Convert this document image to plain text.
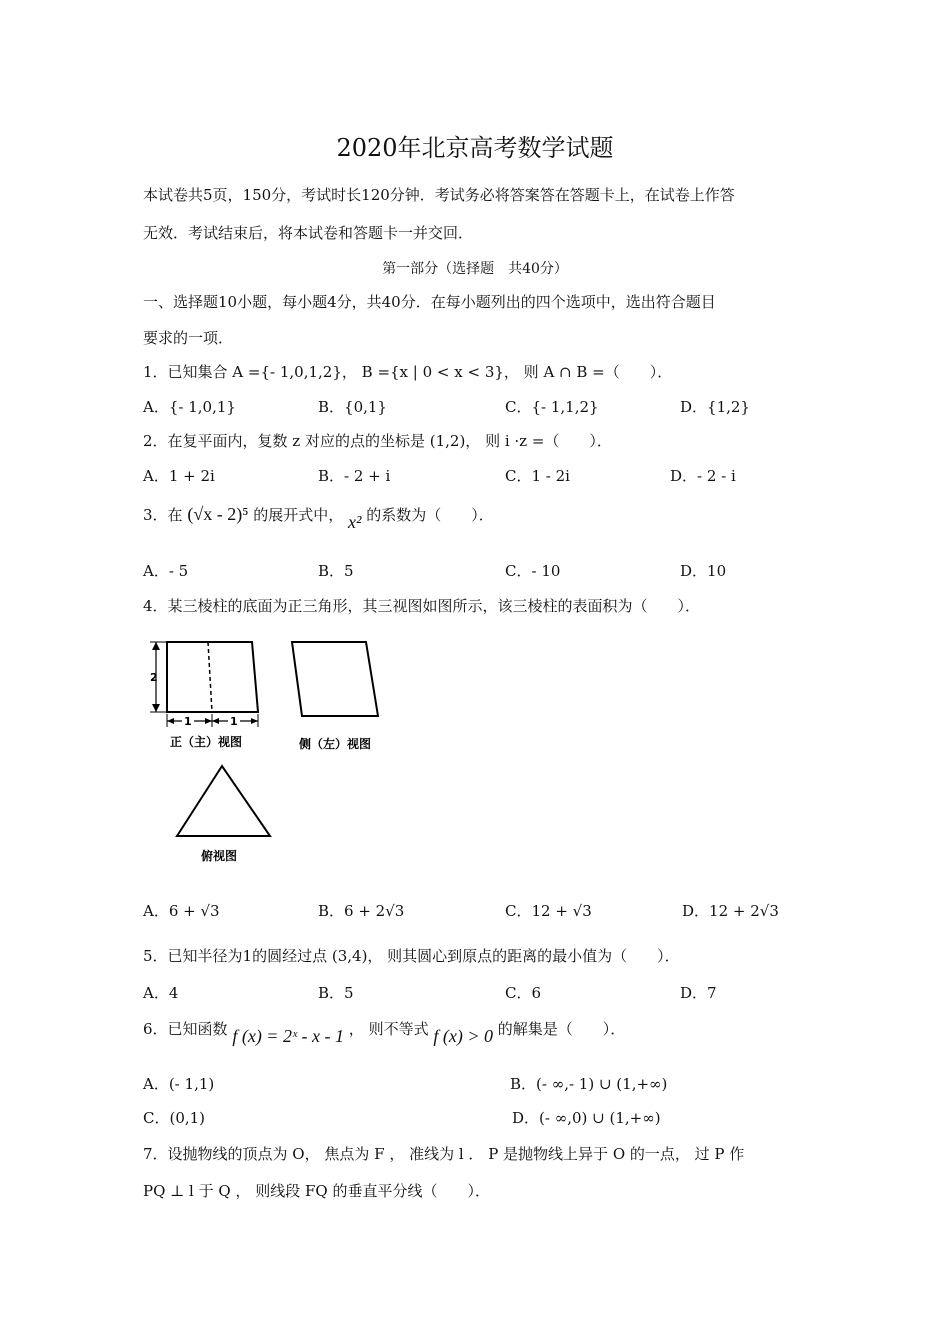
2020年北京高考数学试题
本试卷共5页，150分，考试时长120分钟．考试务必将答案答在答题卡上，在试卷上作答
无效．考试结束后，将本试卷和答题卡一并交回．
第一部分（选择题　共40分）
一、选择题10小题，每小题4分，共40分．在每小题列出的四个选项中，选出符合题目
要求的一项．
1．已知集合 A ={- 1,0,1,2}， B ={x | 0 < x < 3}， 则 A ∩ B =（　　）．
A．{- 1,0,1}	B．{0,1}	C．{- 1,1,2}	D．{1,2}
2．在复平面内，复数 z 对应的点的坐标是 (1,2)， 则 i ·z =（　　）．
A．1 + 2i	B．- 2 + i	C．1 - 2i	D．- 2 - i
3．在 (√x - 2)⁵ 的展开式中， x² 的系数为（　　）．
A．- 5	B．5	C．- 10	D．10
4．某三棱柱的底面为正三角形，其三视图如图所示，该三棱柱的表面积为（　　）．
2
1	1
正（主）视图	侧（左）视图
俯视图
A．6 + √3	B．6 + 2√3	C．12 + √3	D．12 + 2√3
5．已知半径为1的圆经过点 (3,4)， 则其圆心到原点的距离的最小值为（　　）．
A．4	B．5	C．6	D．7
6．已知函数 f (x) = 2ˣ - x - 1 ， 则不等式 f (x) > 0 的解集是（　　）．
A．(- 1,1)	B．(- ∞,- 1) ∪ (1,+∞)
C．(0,1)	D．(- ∞,0) ∪ (1,+∞)
7．设抛物线的顶点为 O， 焦点为 F ， 准线为 l ． P 是抛物线上异于 O 的一点， 过 P 作
PQ ⊥ l 于 Q ， 则线段 FQ 的垂直平分线（　　）．
